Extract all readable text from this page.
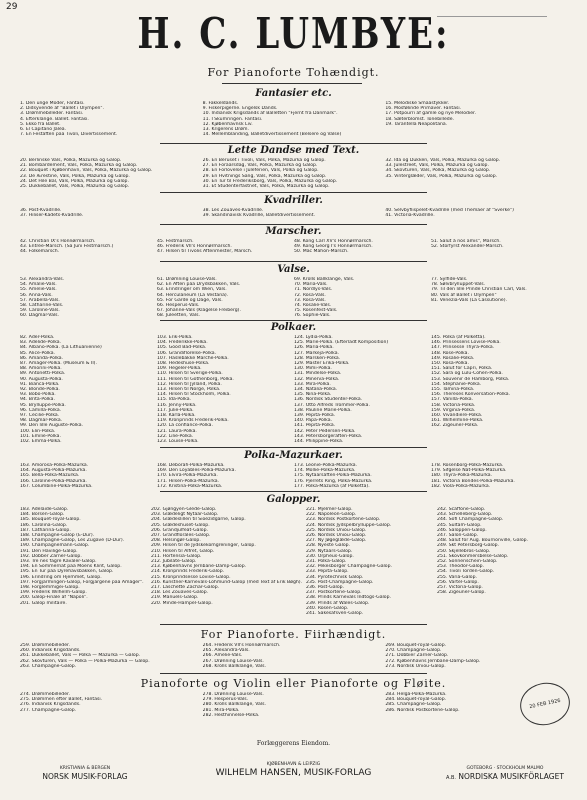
29
H. C. LUMBYE:
For Pianoforte Tohændigt.
Fantasier etc.
1. Den unge Moder, Fantasi.
2. Didsyvende af "Ballet i Olympen".
3. Drømmebilleder. Fantasi.
4. Efterklange. Ballet. Fantasi.
5. Ekko fra Ballet.
6. El Capitano Jalea.
7. En Festaften paa Tivoli, Divertissement.
8. Fakkeldands.
9. Fiskerpigerne. Engelsk Dands.
10. Indianisk Krigsdands af Balletten "Fjernt fra Danmark".
11. I Skumringen. Fantasi.
12. Kjøbenhavnsk Liv.
13. Krigerens Drøm.
14. Mellemblanding, Balletdivertissement (Belsere og Valse)
15. Melodiske Smaastykker.
16. Mosfølinde Primaver. Fantasi.
17. Potpourri af gamle og nye Melodier.
18. Sæterblomst. Tonebillede.
19. Tarantella Neapolitana.
Lette Dandse med Text.
20. Berlinske Vals, Polka, Mazurka og Galop.
21. Bombardement, Vals, Polka, Mazurka og Galop.
22. Bouquet i Kjøbenhavn, Vals, Polka, Mazurka og Galop.
23. De Ærestine, Vals, Polka, Mazurka og Galop.
24. Det Hile Bal, Vals, Polka, Mazurka og Galop.
25. Dukkeballet, Vals, Polka, Mazurka og Galop.
26. En Beruset i Tivoli, Vals, Polka, Mazurka og Galop.
27. En Foraarsdag, Vals, Polka, Mazurka og Galop.
28. En Forlovelse i Juleferien, Vals, Polka og Galop.
29. En Hvitnings Sang, Vals, Polka, Mazurka og Galop.
30. En Tur til Frederiksborg, Vals, Polka, Mazurka og Galop.
31. Et Studenterfastnet, Vals, Polka, Mazurka og Galop.
32. Ida og Dukken, Vals, Polka, Mazurka og Galop.
33. Julestreet, Vals, Polka, Mazurka og Galop.
34. Skovturen, Vals, Polka, Mazurka og Galop.
35. Vinterglæder, Vals, Polka, Mazurka og Galop.
Kvadriller.
36. Post-Kvadrille.
37. Hiliser-Kadets-Kvadrille.
38. Les Zouaves-Kvadrille.
39. Skandinavisk Kvadrille, Balletdivertissement.
40. Selvbyfiispelet-Kvadrille (med Themaer af "Sverke")
41. Victoria-Kvadrille.
Marscher.
42. Christian IX's Honnørmarsch.
43. Entree-Marsch. (Sa Juni Festmarsch.)
44. Folkemarsch.
45. Festmarsch.
46. Frederik VII's Honnørmarsch.
47. Hilsen til Tivolis Aftenmester, Marsch.
48. Kong Carl XV's Honnørmarsch.
49. Kong Georg I's Honnørmarsch.
50. Mac Mahon-Marsch.
51. Salut à nos amis", Marsch.
52. Storfyrst Alexander-Marsch.
Valse.
53. Alexandra-Vals.
54. Amalie-Vals.
55. Amelie-Vals.
56. Anna-Vals.
57. Arabella-Vals.
58. Catharine-Vals.
59. Caroline-Vals.
60. Dagmar-Vals.
61. Drømning Louise-Vals.
62. En Aften paa Drydsbakken, Vals.
63. Erindringer om Wien, Vals.
64. Herculaneum (La Vestana).
65. For Garde og Dage, Vals.
66. Hesperus-Vals.
67. Johanne-Vals (Klagelse Freiberg).
68. Juleetten, Vals.
69. Krolls Ballklänge, Vals.
70. Maria-Vals.
71. Nordlys-Vals.
72. Rosa-Vals.
73. Rosa-Vals.
74. Rosalie-Vals.
75. Rosenfest-Vals.
76. Sophie-Vals.
77. Sylfide-Vals.
78. Sølvbrylluppet-Vals.
79. Til den lille Prinde Christian Carl, Vals.
80. Vals af Ballet i Olympen"
81. Venezia-Vals (La Cassutione).
Polkaer.
82. Ader-Polka.
83. Adelide-Polka.
84. Albano-Polka. (La Lithuanienne)
85. Alice-Polka.
86. Amanda-Polka.
87. Amager-Polka. (Museum & II).
88. Amorini-Polka.
89. Antonetti-Polka.
90. Augusta-Polka.
91. Bianca-Polka.
92. Blonde-Polka.
93. Bobo-Polka.
94. Brita-Polka.
95. Brylluppe-Polka.
96. Camilla-Polka.
97. Cecilie-Polka.
98. Dagmar-Polka.
99. Den lille Auguste-Polka.
100. Elin-Polka.
101. Emilie-Polka.
102. Emma-Polka.
103. Erik-Polka.
104. Frederikke-Polka.
105. Good Bad-Polka.
106. Grandiflorelse-Polka.
107. Haslebakke Marche-Polka.
108. Hedeshuse-Polka.
109. Hegeler-Polka.
110. Hilsen til Sverige-Polka.
111. Hilsen til Gothenborg, Polka.
112. Hilsen til Jylland, Polka.
113. Hilsen til Norge, Polka.
114. Hilsen til Stockholm, Polka.
115. Ida-Polka.
116. Jenny-Polka.
117. Julie-Polka.
118. Karla-Polka.
119. Kronprinds Frederik-Polka.
120. La confiance-Polka.
121. Laura-Polka.
122. Lilie-Polka.
123. Louise-Polka.
124. Lydia-Polka.
125. Marie-Polka. (Efterladt Komposition)
126. Maria-Polka.
127. Markeja-Polka.
128. Marsken-Polka.
129. Master Erika-Polka.
130. Mimi-Polka.
131. Mindelse-Polka.
132. Minerva-Polka.
133. Mira-Polka.
134. Natalia-Polka.
135. Nina-Polka.
136. Nordisk Studenter-Polka.
137. Otto Alfreds Trommer-Polka.
138. Pauline Marie-Polka.
139. Pepita-Polka.
140. Papa-Polka.
141. Pepita-Polka.
142. Peter Pedersen-Polka.
143. Petersborgeraften-Polka.
144. Philippine-Polka.
145. Polka (af Polketta).
146. Prinsessens Lovise-Polka.
147. Prinsesse Thyra-Polka.
148. Rose-Polka.
149. Rosalie-Polka.
150. Rosa-Polka.
151. Salut for Capri, Polka.
152. Sara og Lulu-Cohen-Polka.
153. Souvenir de Hamborg, Polka.
154. Stephanie-Polka.
155. Tamina-Polka.
156. Thereses Konversation-Polka.
157. Vanilla-Polka.
158. Victoria-Polka.
159. Virginia-Polka.
160. Vivandiere-Polka.
161. Wilhelmine-Polka.
162. Zigeuner-Polka.
Polka-Mazurkaer.
163. Amorosa-Polka-Mazurka.
164. Augusta-Polka-Mazurka.
165. Bella-Polka-Mazurka.
166. Caroline-Polka-Mazurka.
167. Columbine-Polka-Mazurka.
168. Deborah-Polka-Mazurka.
169. Den Loyables-Polka-Mazurka.
170. Elvira-Polka-Mazurka.
171. Hilsen-Polka-Mazurka.
172. Kristina-Polka-Mazurka.
173. Leonie-Polka-Mazurka.
174. Mollie-Polka-Mazurka.
175. Nytaarsaften-Polka-Mazurka.
176. Pjerrets Ring, Polka-Mazurka.
177. Polka-Mazurka (af Polketta).
178. Rosenborg-Polka-Mazurka.
179. Sifgelse Nat-Polka-Mazurka.
180. Thyra-Polka-Mazurka.
181. Victoria Bondes-Polka-Mazurka.
182. Viola-Polka-Mazurka.
Galopper.
183. Adelaide-Galop.
184. Borsen-Galop.
185. Bouquet-royal-Galop.
186. Carolina-Galop.
187. Catharina-Galop.
188. Champagne-Galop (E-Dur).
189. Champagne-Galop, Les Zugave (D-Dur).
190. Champagnemann-Galop.
191. Den Havilige-Galop.
192. Dobber Zarner-Galop.
193. Tre nes fagre Kavaler-Galop.
194. En Sommernat paa Moens Klint, Galop.
195. En Tur paa Dyrehavsbakken, Galop.
196. Erindring om Hjemmet, Galop.
197. Forgjarmingen-Galop, Forgjargene paa Amager".
198. Forglemmigei-Galop.
199. Frederik Wilhelm-Galop.
200. Galop-Finale af "Napoli".
201. Galop militaire.
202. Gjøngyen-Glede-Galop.
203. Glædeligt Nytaar-Galop.
204. Glædeslillen til Sioezidgarne, Galop.
205. Glædeshuset-Galop.
206. Grandjulfeat-Galop.
207. Grandflorales-Galop.
208. Helsingør-Galop.
209. Hilsen til de Jydskekomgreninger, Galop.
210. Hilsen til Alfret, Galop.
211. Hortensia-Galop.
212. Jubilate-Galop.
213. Kjøbenhavns Jernbane-Damp-Galop.
214. Kronprinds Frederik-Galop.
215. Kronprindsesse Lovise-Galop.
216. Kunstner-Karnevals-Lohmund-Galop (med Text af Erik Bøgh).
217. Laschette Zachar-Galop.
218. Les Zouaves-Galop.
219. Manuels-Galop.
220. Minde-Hampel-Galop.
221. Mjelmer-Galop.
222. Napoleon-Galop.
223. Nordisk Postkortene-Galop.
224. Nordisk Jydspelbrylluppe-Galop.
225. Nordisk Uniou-Galop.
226. Nordisk Uniou-Galop.
227. Ny Jøgeglæde-Galop.
228. Nyeste Galop.
229. Nytaars-Galop.
230. Orpheus-Galop.
231. Polka-Galop.
232. Pekesborger Champagne-Galop.
233. Pepita-Galop.
234. Pyrotechnisk Galop.
235. Post-Champagne-Galop.
236. Post-Galop.
237. Postkortene-Galop.
238. Prinds Karnevals Indtogs-Galop.
239. Prinds af Wales-Galop.
240. Rosen-Galop.
241. Sakesafsven-Galop.
242. Scaffone-Galop.
243. Schelleberg-Galop.
244. Sofi Champagne-Galop.
245. Sultam-Galop.
246. Saloppen-Galop.
247. Salon-Galop.
248. Salut for Aug. Bournonville, Galop.
249. Skt Petersborg-Galop.
250. Skjellebros-Galop.
251. Skovkonmersbelse-Galop.
252. Sonnenschein-Galop.
253. Theodor-Galop.
254. Tivoli Torden-Galop.
255. Varia-Galop.
256. Vartel-Galop.
257. Victoria-Galop.
258. Zigeuner-Galop.
For Pianoforte. Fiirhændigt.
259. Drømmebilleder.
260. Indianisk Krigsdands.
261. Dukkeballet, Vals — Polka — Mazurka — Galop.
262. Skovturen, Vals — Polka — Polka-Mazurka — Galop.
263. Champagne-Galop.
264. Frederik VII's Honnørmarsch.
265. Alexandra-Vals.
266. Amelie-Vals.
267. Drønning Louise-Vals.
268. Krolls Ballklänge, Vals.
269. Bouquet-royal-Galop.
270. Champagne-Galop.
271. Dobbier Zarner-Galop.
272. Kjøbenhavns Jernbane-Damp-Galop.
273. Nordisk Uniou-Galop.
Pianoforte og Violin eller Pianoforte og Fløite.
274. Drømmebilleder.
275. Drømmen efter Ballet, Fantasi.
276. Indianisk Krigsdands.
277. Champagne-Galop.
278. Drønning Louise-Vals.
279. Hesperus-Vals.
280. Krolls Ballklänge, Vals.
281. Mira-Polka.
282. Hesthinnelse-Polka.
283. Helga-Polka-Mazurka.
284. Bouquet-royal-Galop.
285. Champagne-Galop.
286. Nordisk Postkortene-Galop.	20 FEB 1926
Forlæggerens Eiendom.
KRISTIANIA & BERGEN
NORSK MUSIK-FORLAG
KJØBENHAVN & LEIPZIG
WILHELM HANSEN, MUSIK-FORLAG	GOTEBORG · STOCKHOLM MALMO
A.B. NORDISKA MUSIKFÖRLAGET
